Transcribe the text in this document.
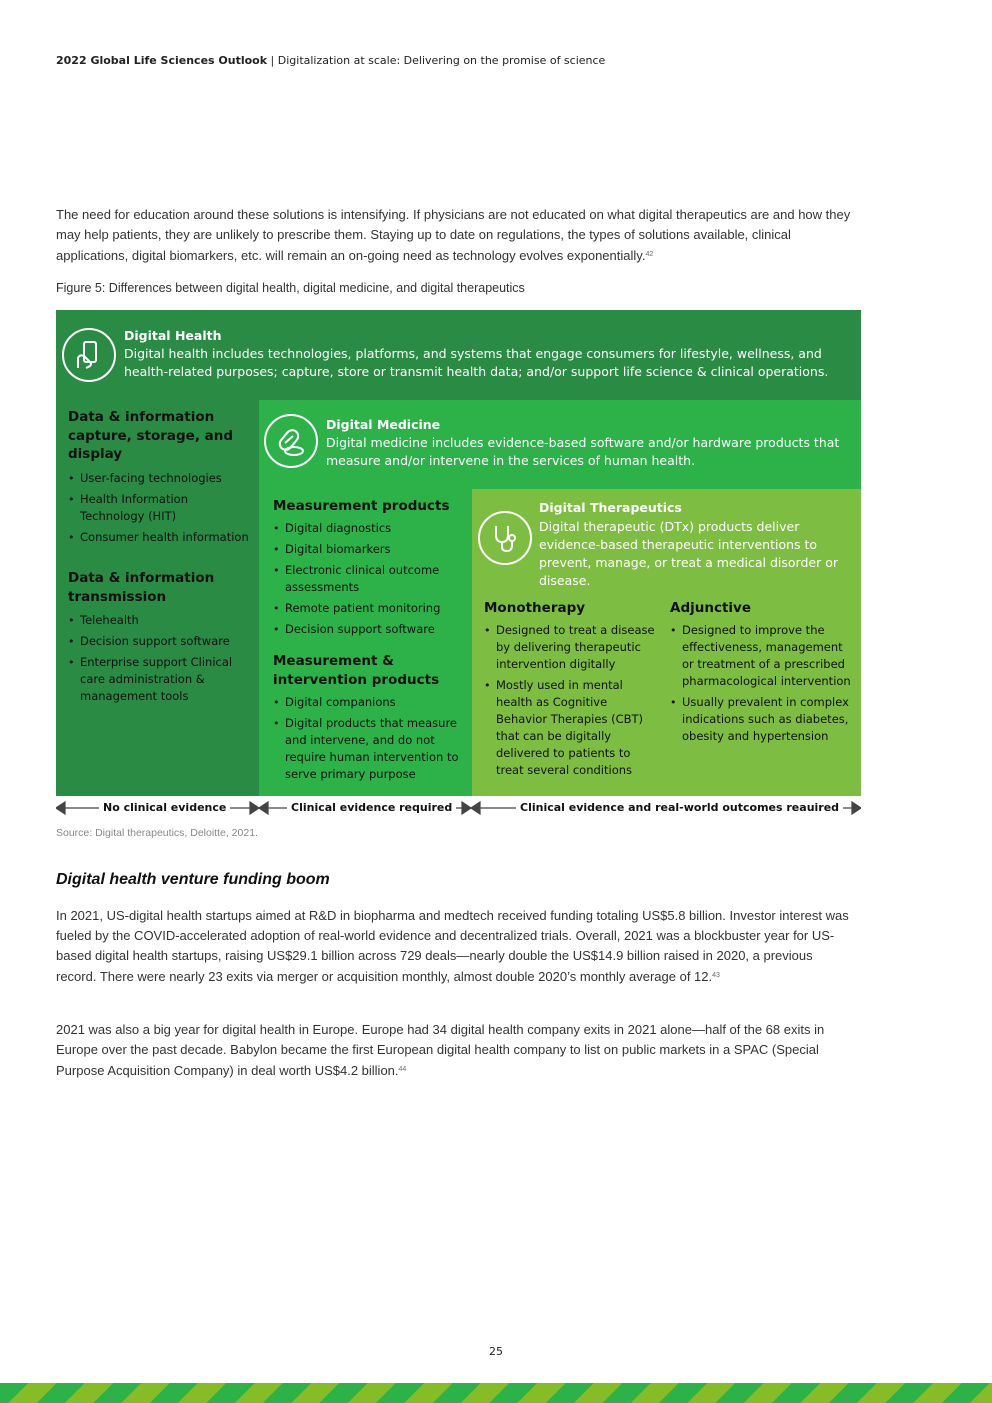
2022 Global Life Sciences Outlook | Digitalization at scale: Delivering on the promise of science

The need for education around these solutions is intensifying. If physicians are not educated on what digital therapeutics are and how they may help patients, they are unlikely to prescribe them. Staying up to date on regulations, the types of solutions available, clinical applications, digital biomarkers, etc. will remain an on-going need as technology evolves exponentially.$^{42}$

Figure 5: Differences between digital health, digital medicine, and digital therapeutics
Digital Health
Digital health includes technologies, platforms, and systems that engage consumers for lifestyle, wellness, and health-related purposes; capture, store or transmit health data; and/or support life science & clinical operations.
Data & information capture, storage, and display
• User-facing technologies
• Health Information Technology (HIT)
• Consumer health information
Data & information transmission
• Telehealth
• Decision support software
• Enterprise support Clinical care administration & management tools
Digital Medicine
Digital medicine includes evidence-based software and/or hardware products that measure and/or intervene in the services of human health.
Measurement products
• Digital diagnostics
• Digital biomarkers
• Electronic clinical outcome assessments
• Remote patient monitoring
• Decision support software
Measurement & intervention products
• Digital companions
• Digital products that measure and intervene, and do not require human intervention to serve primary purpose
Digital Therapeutics
Digital therapeutic (DTx) products deliver evidence-based therapeutic interventions to prevent, manage, or treat a medical disorder or disease.
Monotherapy
• Designed to treat a disease by delivering therapeutic intervention digitally
• Mostly used in mental health as Cognitive Behavior Therapies (CBT) that can be digitally delivered to patients to treat several conditions
Adjunctive
• Designed to improve the effectiveness, management or treatment of a prescribed pharmacological intervention
• Usually prevalent in complex indications such as diabetes, obesity and hypertension
No clinical evidence	Clinical evidence required	Clinical evidence and real-world outcomes reauired
Source: Digital therapeutics, Deloitte, 2021.
Digital health venture funding boom

In 2021, US-digital health startups aimed at R&D in biopharma and medtech received funding totaling US$5.8 billion. Investor interest was fueled by the COVID-accelerated adoption of real-world evidence and decentralized trials. Overall, 2021 was a blockbuster year for US-based digital health startups, raising US$29.1 billion across 729 deals—nearly double the US$14.9 billion raised in 2020, a previous record. There were nearly 23 exits via merger or acquisition monthly, almost double 2020’s monthly average of 12.43

2021 was also a big year for digital health in Europe. Europe had 34 digital health company exits in 2021 alone—half of the 68 exits in Europe over the past decade. Babylon became the first European digital health company to list on public markets in a SPAC (Special Purpose Acquisition Company) in deal worth US$4.2 billion.$^{44}$

25
